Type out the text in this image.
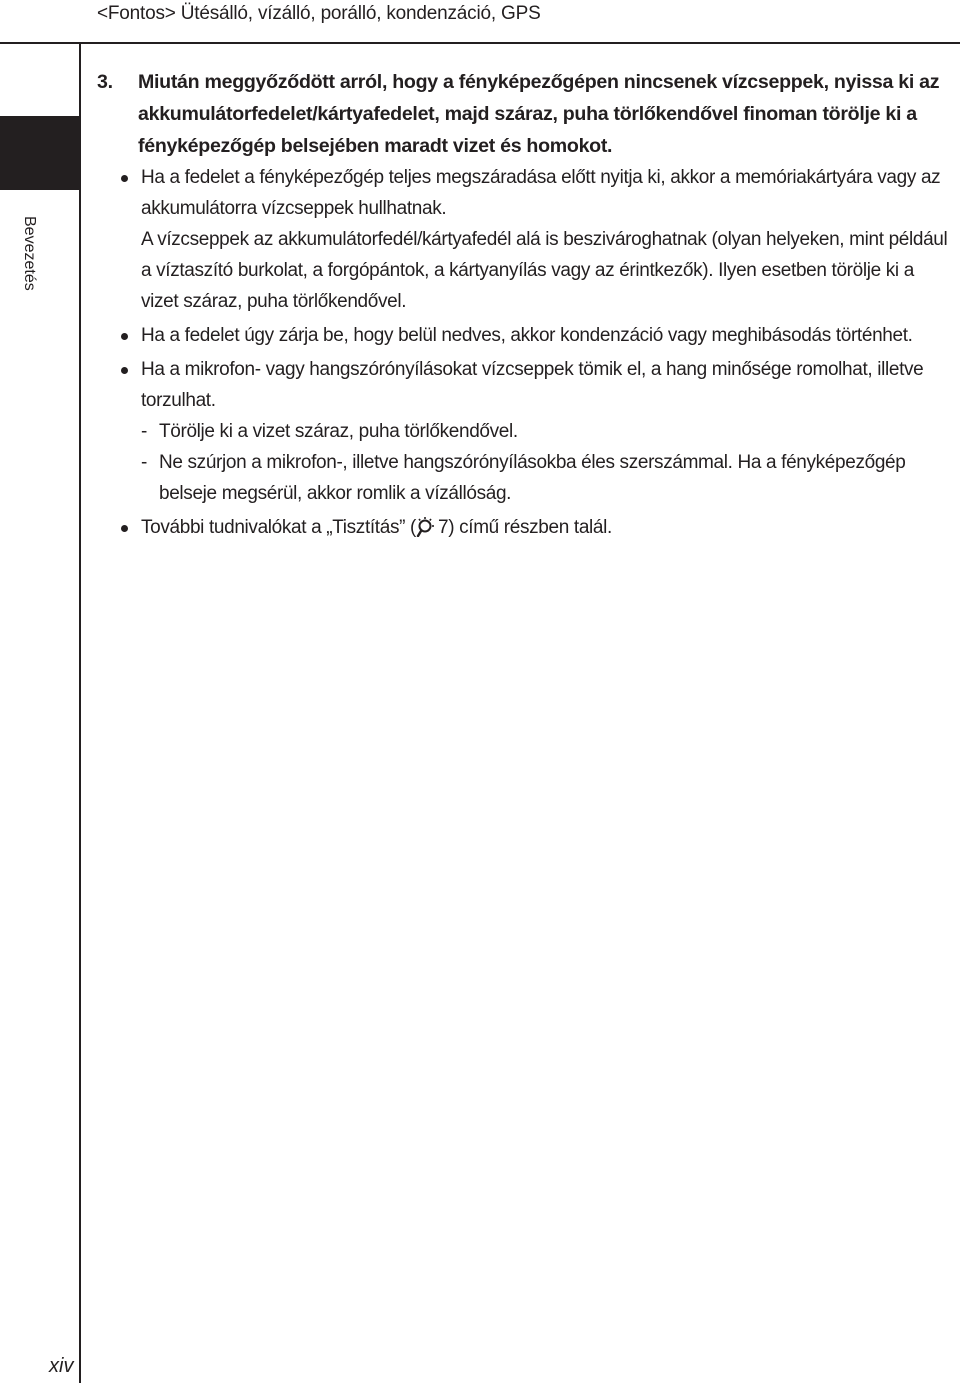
<Fontos> Ütésálló, vízálló, porálló, kondenzáció, GPS
Bevezetés
3. Miután meggyőződött arról, hogy a fényképezőgépen nincsenek vízcseppek, nyissa ki az akkumulátorfedelet/kártyafedelet, majd száraz, puha törlőkendővel finoman törölje ki a fényképezőgép belsejében maradt vizet és homokot.
Ha a fedelet a fényképezőgép teljes megszáradása előtt nyitja ki, akkor a memóriakártyára vagy az akkumulátorra vízcseppek hullhatnak.
A vízcseppek az akkumulátorfedél/kártyafedél alá is beszivároghatnak (olyan helyeken, mint például a víztaszító burkolat, a forgópántok, a kártyanyílás vagy az érintkezők). Ilyen esetben törölje ki a vizet száraz, puha törlőkendővel.
Ha a fedelet úgy zárja be, hogy belül nedves, akkor kondenzáció vagy meghibásodás történhet.
Ha a mikrofon- vagy hangszórónyílásokat vízcseppek tömik el, a hang minősége romolhat, illetve torzulhat.
- Törölje ki a vizet száraz, puha törlőkendővel.
- Ne szúrjon a mikrofon-, illetve hangszórónyílásokba éles szerszámmal. Ha a fényképezőgép belseje megsérül, akkor romlik a vízállóság.
További tudnivalókat a „Tisztítás” ( 7) című részben talál.
xiv
